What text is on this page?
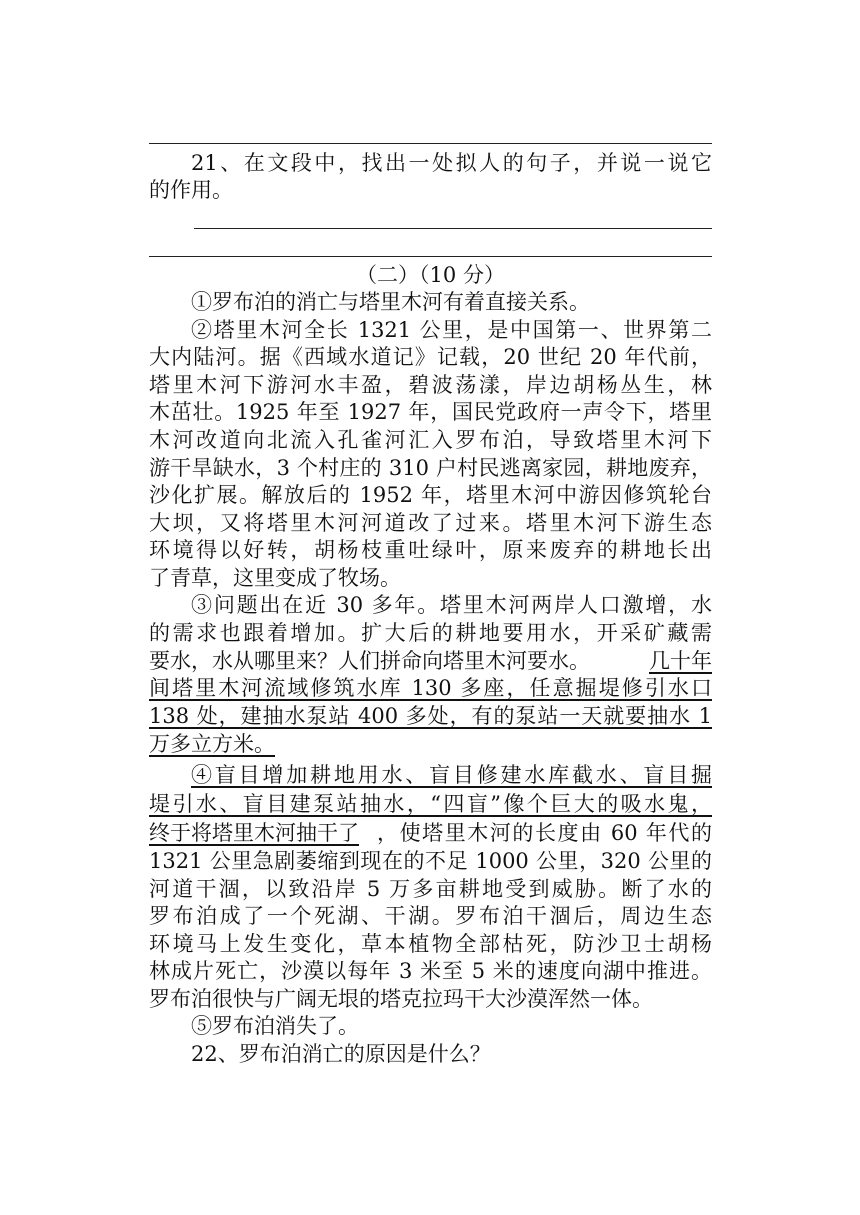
21、在文段中，找出一处拟人的句子，并说一说它
的作用。
（二）（10 分）
①罗布泊的消亡与塔里木河有着直接关系。
②塔里木河全长 1321 公里，是中国第一、世界第二
大内陆河。据《西域水道记》记载，20 世纪 20 年代前，
塔里木河下游河水丰盈，碧波荡漾，岸边胡杨丛生，林
木茁壮。1925 年至 1927 年，国民党政府一声令下，塔里
木河改道向北流入孔雀河汇入罗布泊，导致塔里木河下
游干旱缺水，3 个村庄的 310 户村民逃离家园，耕地废弃，
沙化扩展。解放后的 1952 年，塔里木河中游因修筑轮台
大坝，又将塔里木河河道改了过来。塔里木河下游生态
环境得以好转，胡杨枝重吐绿叶，原来废弃的耕地长出
了青草，这里变成了牧场。
③问题出在近 30 多年。塔里木河两岸人口激增，水
的需求也跟着增加。扩大后的耕地要用水，开采矿藏需
要水，水从哪里来？人们拼命向塔里木河要水。	几十年
间塔里木河流域修筑水库 130 多座，任意掘堤修引水口
138 处，建抽水泵站 400 多处，有的泵站一天就要抽水 1
万多立方米。
④盲目增加耕地用水、盲目修建水库截水、盲目掘
堤引水、盲目建泵站抽水，“四盲”像个巨大的吸水鬼，
终于将塔里木河抽干了 ，使塔里木河的长度由 60 年代的
1321 公里急剧萎缩到现在的不足 1000 公里，320 公里的
河道干涸，以致沿岸 5 万多亩耕地受到威胁。断了水的
罗布泊成了一个死湖、干湖。罗布泊干涸后，周边生态
环境马上发生变化，草本植物全部枯死，防沙卫士胡杨
林成片死亡，沙漠以每年 3 米至 5 米的速度向湖中推进。
罗布泊很快与广阔无垠的塔克拉玛干大沙漠浑然一体。
⑤罗布泊消失了。
22、罗布泊消亡的原因是什么？
